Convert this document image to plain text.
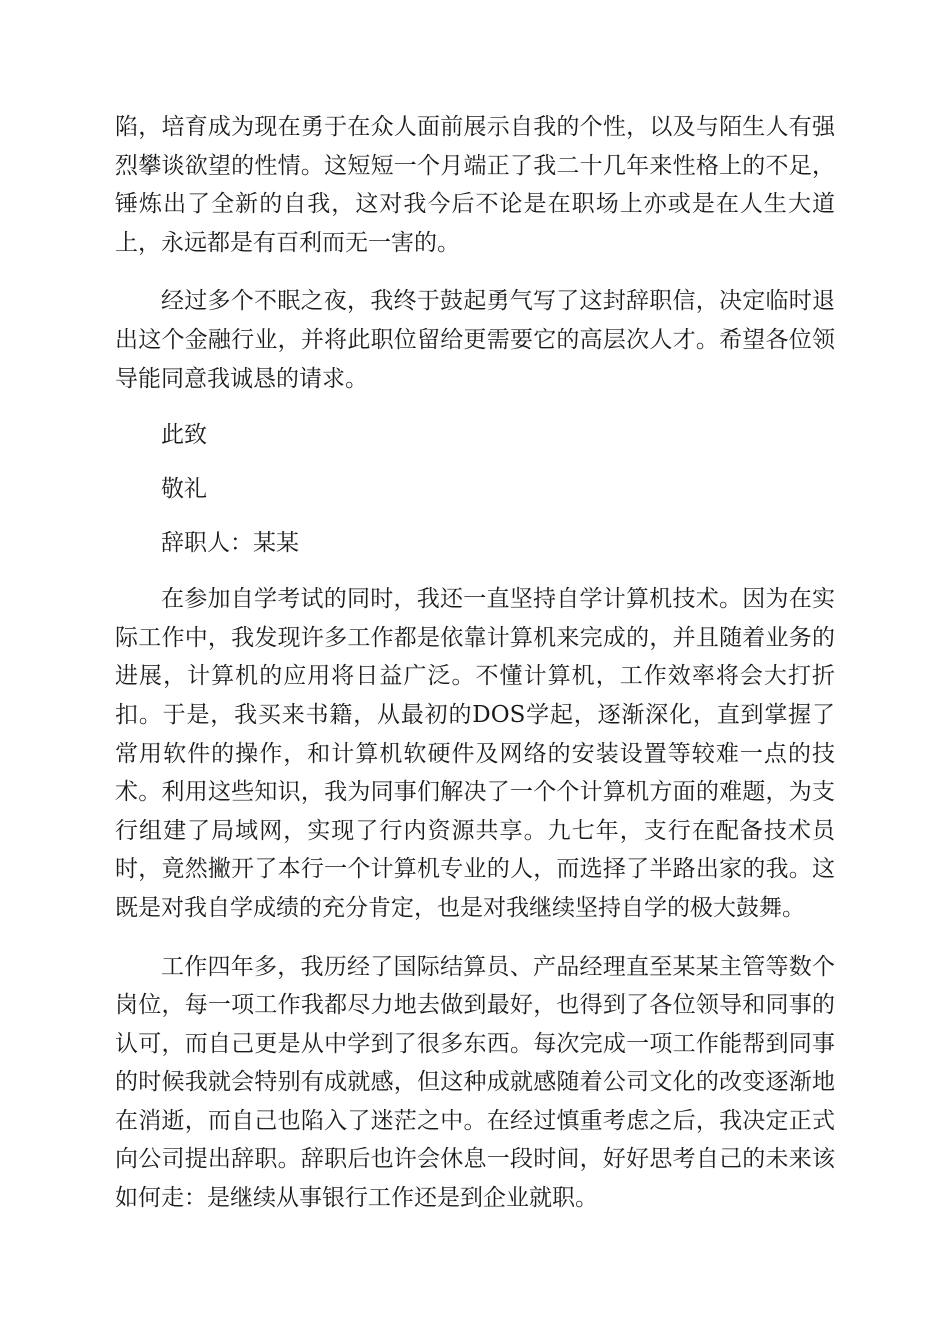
陷，培育成为现在勇于在众人面前展示自我的个性，以及与陌生人有强烈攀谈欲望的性情。这短短一个月端正了我二十几年来性格上的不足，锤炼出了全新的自我，这对我今后不论是在职场上亦或是在人生大道上，永远都是有百利而无一害的。

经过多个不眠之夜，我终于鼓起勇气写了这封辞职信，决定临时退出这个金融行业，并将此职位留给更需要它的高层次人才。希望各位领导能同意我诚恳的请求。

此致

敬礼

辞职人：某某

在参加自学考试的同时，我还一直坚持自学计算机技术。因为在实际工作中，我发现许多工作都是依靠计算机来完成的，并且随着业务的进展，计算机的应用将日益广泛。不懂计算机，工作效率将会大打折扣。于是，我买来书籍，从最初的DOS学起，逐渐深化，直到掌握了常用软件的操作，和计算机软硬件及网络的安装设置等较难一点的技术。利用这些知识，我为同事们解决了一个个计算机方面的难题，为支行组建了局域网，实现了行内资源共享。九七年，支行在配备技术员时，竟然撇开了本行一个计算机专业的人，而选择了半路出家的我。这既是对我自学成绩的充分肯定，也是对我继续坚持自学的极大鼓舞。

工作四年多，我历经了国际结算员、产品经理直至某某主管等数个岗位，每一项工作我都尽力地去做到最好，也得到了各位领导和同事的认可，而自己更是从中学到了很多东西。每次完成一项工作能帮到同事的时候我就会特别有成就感，但这种成就感随着公司文化的改变逐渐地在消逝，而自己也陷入了迷茫之中。在经过慎重考虑之后，我决定正式向公司提出辞职。辞职后也许会休息一段时间，好好思考自己的未来该如何走：是继续从事银行工作还是到企业就职。
